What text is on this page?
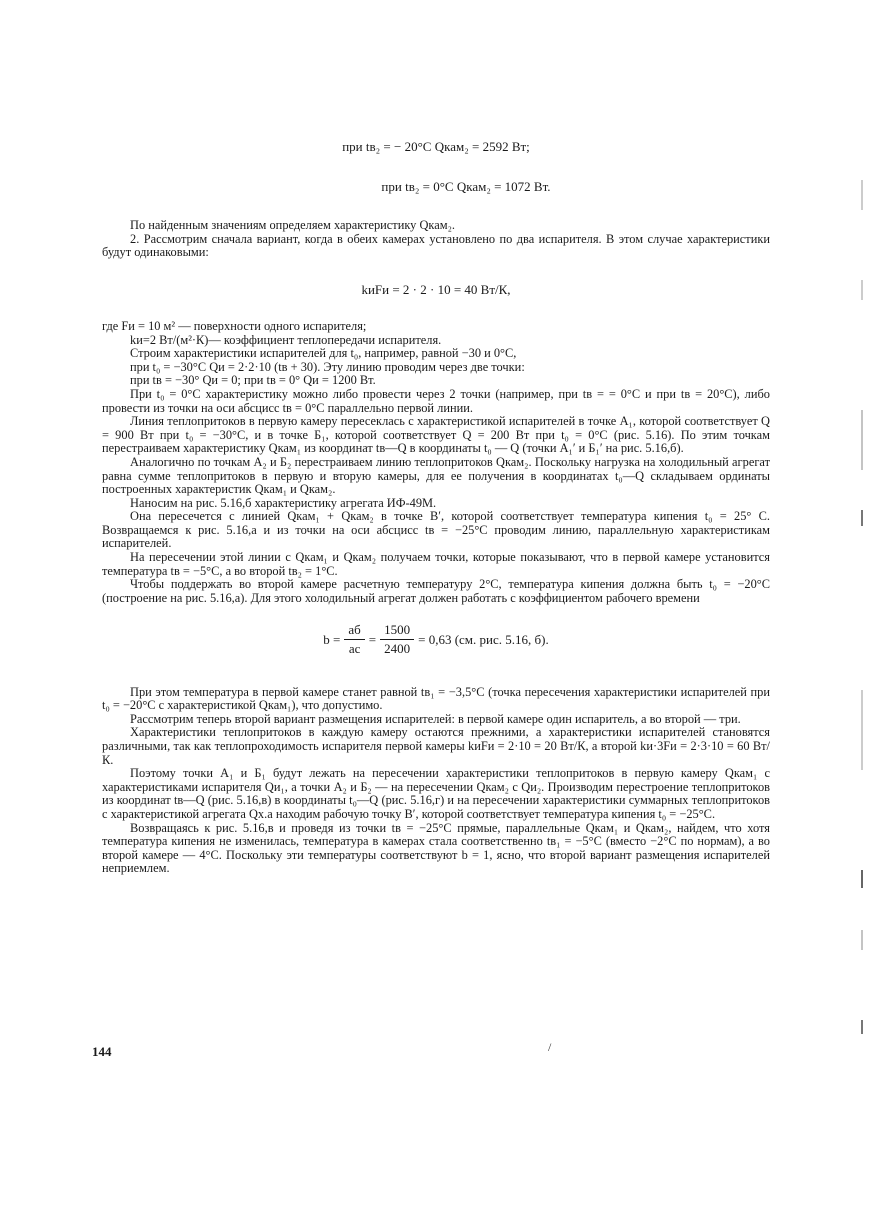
при tв₂ = − 20°С Qкам₂ = 2592 Вт;

при tв₂ = 0°С Qкам₂ = 1072 Вт.

По найденным значениям определяем характеристику Qкам₂.

2. Рассмотрим сначала вариант, когда в обеих камерах установлено по два испарителя. В этом случае характеристики будут одинаковыми:

kиFи = 2 · 2 · 10 = 40 Вт/К,

где Fи = 10 м² — поверхности одного испарителя;

kи=2 Вт/(м²·К)— коэффициент теплопередачи испарителя.

Строим характеристики испарителей для t₀, например, равной −30 и 0°С,

при t₀ = −30°С Qи = 2·2·10 (tв + 30). Эту линию проводим через две точки:

при tв = −30° Qи = 0; при tв = 0° Qи = 1200 Вт.

При t₀ = 0°С характеристику можно либо провести через 2 точки (например, при tв = = 0°С и при tв = 20°С), либо провести из точки на оси абсцисс tв = 0°С параллельно первой линии.

Линия теплопритоков в первую камеру пересеклась с характеристикой испарителей в точке A₁, которой соответствует Q = 900 Вт при t₀ = −30°С, и в точке Б₁, которой соответствует Q = 200 Вт при t₀ = 0°С (рис. 5.16). По этим точкам перестраиваем характеристику Qкам₁ из координат tв—Q в координаты t₀ — Q (точки A₁′ и Б₁′ на рис. 5.16,б).

Аналогично по точкам A₂ и Б₂ перестраиваем линию теплопритоков Qкам₂. Поскольку нагрузка на холодильный агрегат равна сумме теплопритоков в первую и вторую камеры, для ее получения в координатах t₀—Q складываем ординаты построенных характеристик Qкам₁ и Qкам₂.

Наносим на рис. 5.16,б характеристику агрегата ИФ-49М.

Она пересечется с линией Qкам₁ + Qкам₂ в точке B′, которой соответствует температура кипения t₀ = 25° С. Возвращаемся к рис. 5.16,а и из точки на оси абсцисс tв = −25°С проводим линию, параллельную характеристикам испарителей.

На пересечении этой линии с Qкам₁ и Qкам₂ получаем точки, которые показывают, что в первой камере установится температура tв = −5°С, а во второй tв₂ = 1°С.

Чтобы поддержать во второй камере расчетную температуру 2°С, температура кипения должна быть t₀ = −20°С (построение на рис. 5.16,а). Для этого холодильный агрегат должен работать с коэффициентом рабочего времени

$b = \frac{аб}{ас} = \frac{1500}{2400} = 0,63$ (см. рис. 5.16, б).

При этом температура в первой камере станет равной tв₁ = −3,5°С (точка пересечения характеристики испарителей при t₀ = −20°С с характеристикой Qкам₁), что допустимо.

Рассмотрим теперь второй вариант размещения испарителей: в первой камере один испаритель, а во второй — три.

Характеристики теплопритоков в каждую камеру остаются прежними, а характеристики испарителей становятся различными, так как теплопроходимость испарителя первой камеры kиFи = 2·10 = 20 Вт/К, а второй kи·3Fи = 2·3·10 = 60 Вт/К.

Поэтому точки A₁ и Б₁ будут лежать на пересечении характеристики теплопритоков в первую камеру Qкам₁ с характеристиками испарителя Qи₁, а точки A₂ и Б₂ — на пересечении Qкам₂ с Qи₂. Производим перестроение теплопритоков из координат tв—Q (рис. 5.16,в) в координаты t₀—Q (рис. 5.16,г) и на пересечении характеристики суммарных теплопритоков с характеристикой агрегата Qх.а находим рабочую точку B′, которой соответствует температура кипения t₀ = −25°С.

Возвращаясь к рис. 5.16,в и проведя из точки tв = −25°С прямые, параллельные Qкам₁ и Qкам₂, найдем, что хотя температура кипения не изменилась, температура в камерах стала соответственно tв₁ = −5°С (вместо −2°С по нормам), а во второй камере — 4°С. Поскольку эти температуры соответствуют b = 1, ясно, что второй вариант размещения испарителей неприемлем.

144	/
